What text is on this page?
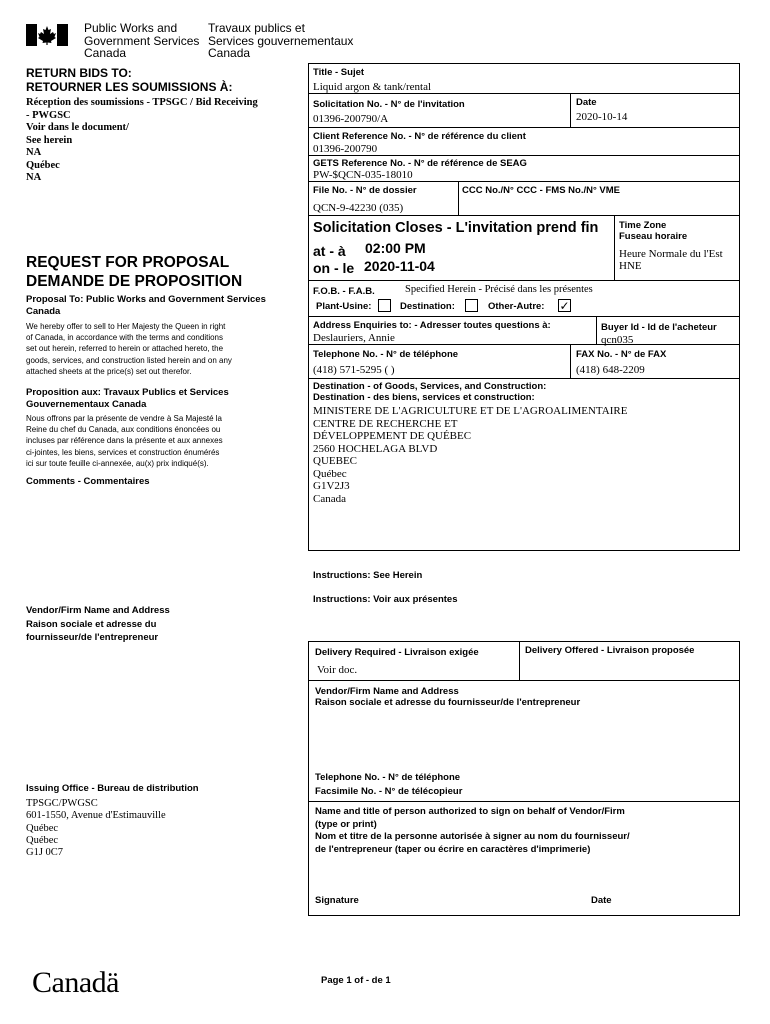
Public Works and
Government Services
Canada
Travaux publics et
Services gouvernementaux
Canada
RETURN BIDS TO:
RETOURNER LES SOUMISSIONS À:
Réception des soumissions - TPSGC / Bid Receiving
- PWGSC
Voir dans le document/
See herein
NA
Québec
NA
REQUEST FOR PROPOSAL
DEMANDE DE PROPOSITION
Proposal To: Public Works and Government Services Canada
We hereby offer to sell to Her Majesty the Queen in right
of Canada, in accordance with the terms and conditions
set out herein, referred to herein or attached hereto, the
goods, services, and construction listed herein and on any
attached sheets at the price(s) set out therefor.
Proposition aux: Travaux Publics et Services
Gouvernementaux Canada
Nous offrons par la présente de vendre à Sa Majesté la
Reine du chef du Canada, aux conditions énoncées ou
incluses par référence dans la présente et aux annexes
ci-jointes, les biens, services et construction énumérés
ici sur toute feuille ci-annexée, au(x) prix indiqué(s).
Comments - Commentaires
Vendor/Firm Name and Address
Raison sociale et adresse du
fournisseur/de l'entrepreneur
Issuing Office - Bureau de distribution
TPSGC/PWGSC
601-1550, Avenue d'Estimauville
Québec
Québec
G1J 0C7
Title - Sujet
Liquid argon & tank/rental
Solicitation No. - N° de l'invitation
01396-200790/A
Date
2020-10-14
Client Reference No. - N° de référence du client
01396-200790
GETS Reference No. - N° de référence de SEAG
PW-$QCN-035-18010
File No. - N° de dossier
QCN-9-42230 (035)
CCC No./N° CCC - FMS No./N° VME
Solicitation Closes - L'invitation prend fin
at - à 02:00 PM
on - le 2020-11-04
Time Zone
Fuseau horaire
Heure Normale du l'Est
HNE
F.O.B. - F.A.B.	Specified Herein - Précisé dans les présentes
Plant-Usine:	Destination:	Other-Autre: ✓
Address Enquiries to: - Adresser toutes questions à:
Deslauriers, Annie
Buyer Id - Id de l'acheteur
qcn035
Telephone No. - N° de téléphone
(418) 571-5295 ( )
FAX No. - N° de FAX
(418) 648-2209
Destination - of Goods, Services, and Construction:
Destination - des biens, services et construction:
MINISTERE DE L'AGRICULTURE ET DE L'AGROALIMENTAIRE
CENTRE DE RECHERCHE ET
DÉVELOPPEMENT DE QUÉBEC
2560 HOCHELAGA BLVD
QUEBEC
Québec
G1V2J3
Canada
Instructions: See Herein
Instructions: Voir aux présentes
Delivery Required - Livraison exigée
Voir doc.
Delivery Offered - Livraison proposée
Vendor/Firm Name and Address
Raison sociale et adresse du fournisseur/de l'entrepreneur
Telephone No. - N° de téléphone
Facsimile No. - N° de télécopieur
Name and title of person authorized to sign on behalf of Vendor/Firm
(type or print)
Nom et titre de la personne autorisée à signer au nom du fournisseur/
de l'entrepreneur (taper ou écrire en caractères d'imprimerie)
Signature	Date
Canadä	Page 1 of - de 1
